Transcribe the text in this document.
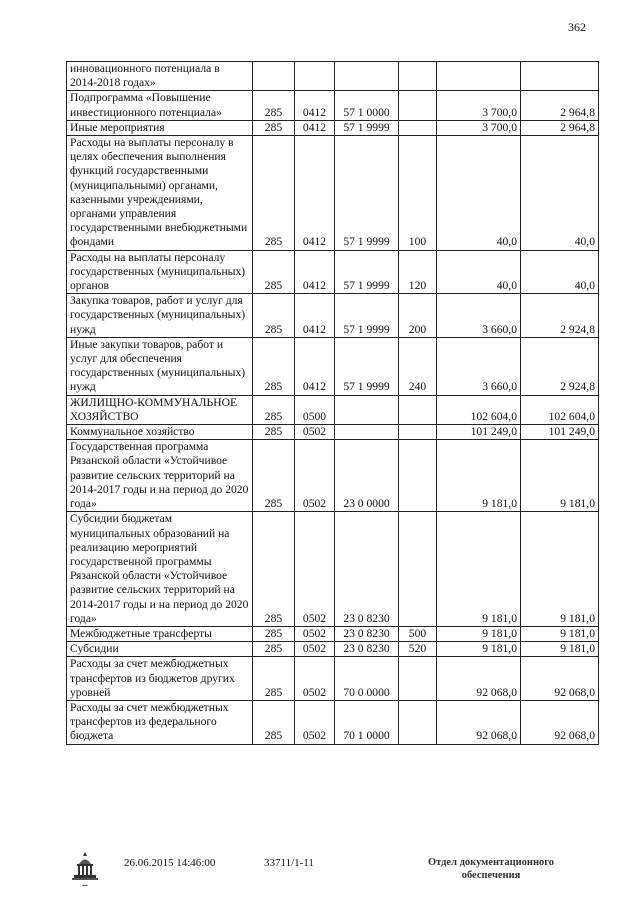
362
инновационного потенциала в 2014-2018 годах»						
Подпрограмма «Повышение инвестиционного потенциала»	285	0412	57 1 0000		3 700,0	2 964,8
Иные мероприятия	285	0412	57 1 9999		3 700,0	2 964,8
Расходы на выплаты персоналу в целях обеспечения выполнения функций государственными (муниципальными) органами, казенными учреждениями, органами управления государственными внебюджетными фондами	285	0412	57 1 9999	100	40,0	40,0
Расходы на выплаты персоналу государственных (муниципальных) органов	285	0412	57 1 9999	120	40,0	40,0
Закупка товаров, работ и услуг для государственных (муниципальных) нужд	285	0412	57 1 9999	200	3 660,0	2 924,8
Иные закупки товаров, работ и услуг для обеспечения государственных (муниципальных) нужд	285	0412	57 1 9999	240	3 660,0	2 924,8
ЖИЛИЩНО-КОММУНАЛЬНОЕ ХОЗЯЙСТВО	285	0500			102 604,0	102 604,0
Коммунальное хозяйство	285	0502			101 249,0	101 249,0
Государственная программа Рязанской области «Устойчивое развитие сельских территорий на 2014-2017 годы и на период до 2020 года»	285	0502	23 0 0000		9 181,0	9 181,0
Субсидии бюджетам муниципальных образований на реализацию мероприятий государственной программы Рязанской области «Устойчивое развитие сельских территорий на 2014-2017 годы и на период до 2020 года»	285	0502	23 0 8230		9 181,0	9 181,0
Межбюджетные трансферты	285	0502	23 0 8230	500	9 181,0	9 181,0
Субсидии	285	0502	23 0 8230	520	9 181,0	9 181,0
Расходы за счет межбюджетных трансфертов из бюджетов других уровней	285	0502	70 0 0000		92 068,0	92 068,0
Расходы за счет межбюджетных трансфертов из федерального бюджета	285	0502	70 1 0000		92 068,0	92 068,0
▪▪▪
26.06.2015 14:46:00	33711/1-11	Отдел документационного обеспечения
